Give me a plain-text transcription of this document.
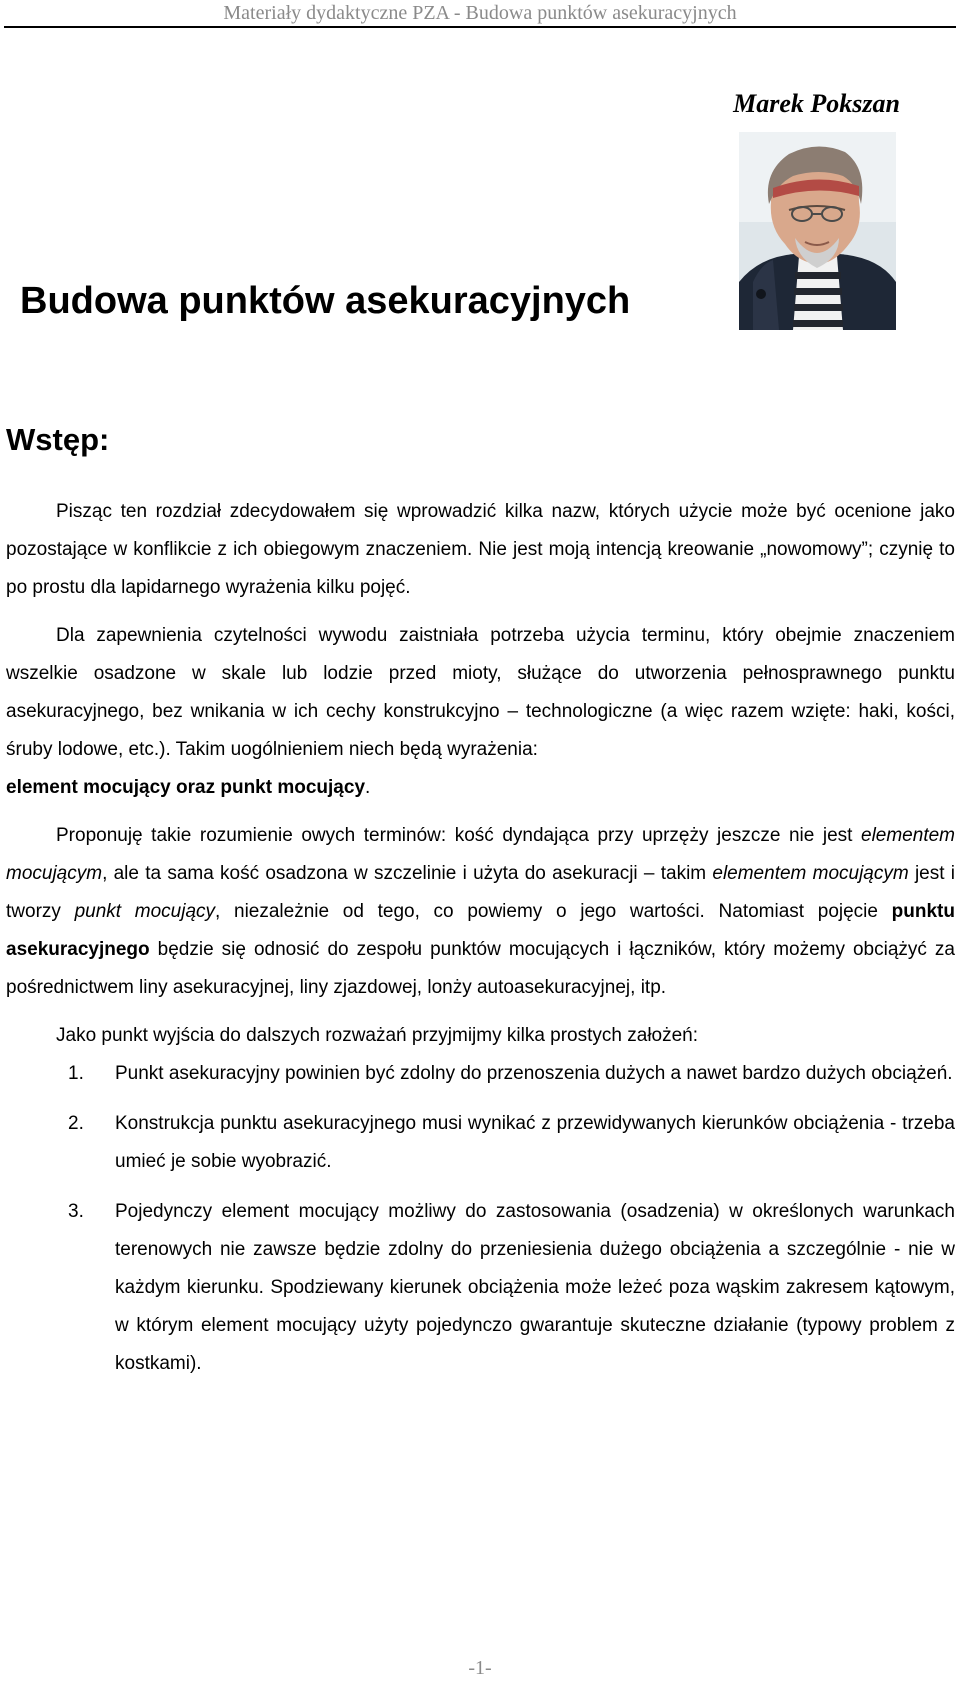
Materiały dydaktyczne PZA - Budowa punktów asekuracyjnych
Marek Pokszan
Budowa punktów asekuracyjnych
Wstęp:

Pisząc ten rozdział zdecydowałem się wprowadzić kilka nazw, których użycie może być ocenione jako pozostające w konflikcie z ich obiegowym znaczeniem. Nie jest moją intencją kreowanie „nowomowy”; czynię to po prostu dla lapidarnego wyrażenia kilku pojęć.

Dla zapewnienia czytelności wywodu zaistniała potrzeba użycia terminu, który obejmie znaczeniem wszelkie osadzone w skale lub lodzie przed mioty, służące do utworzenia pełnosprawnego punktu asekuracyjnego, bez wnikania w ich cechy konstrukcyjno – technologiczne (a więc razem wzięte: haki, kości, śruby lodowe, etc.). Takim uogólnieniem niech będą wyrażenia:
element mocujący oraz punkt mocujący.

Proponuję takie rozumienie owych terminów: kość dyndająca przy uprzęży jeszcze nie jest elementem mocującym, ale ta sama kość osadzona w szczelinie i użyta do asekuracji – takim elementem mocującym jest i tworzy punkt mocujący, niezależnie od tego, co powiemy o jego wartości. Natomiast pojęcie punktu asekuracyjnego będzie się odnosić do zespołu punktów mocujących i łączników, który możemy obciążyć za pośrednictwem liny asekuracyjnej, liny zjazdowej, lonży autoasekuracyjnej, itp.

Jako punkt wyjścia do dalszych rozważań przyjmijmy kilka prostych założeń:

1. Punkt asekuracyjny powinien być zdolny do przenoszenia dużych a nawet bardzo dużych obciążeń.
2. Konstrukcja punktu asekuracyjnego musi wynikać z przewidywanych kierunków obciążenia - trzeba umieć je sobie wyobrazić.
3. Pojedynczy element mocujący możliwy do zastosowania (osadzenia) w określonych warunkach terenowych nie zawsze będzie zdolny do przeniesienia dużego obciążenia a szczególnie - nie w każdym kierunku. Spodziewany kierunek obciążenia może leżeć poza wąskim zakresem kątowym, w którym element mocujący użyty pojedynczo gwarantuje skuteczne działanie (typowy problem z kostkami).
-1-
